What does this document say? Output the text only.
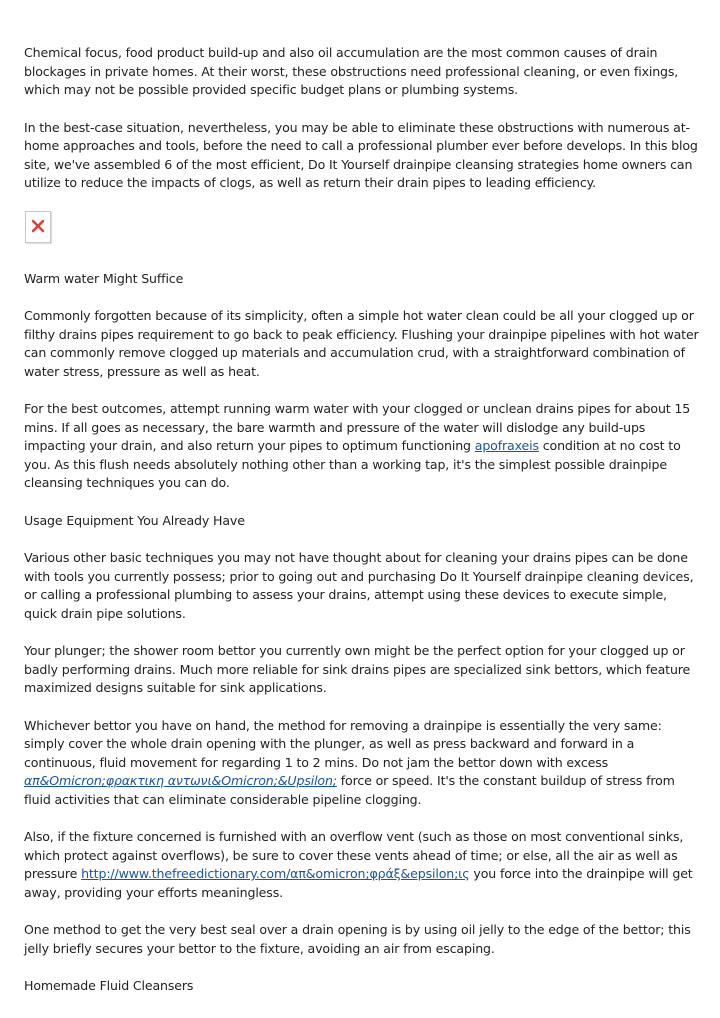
Chemical focus, food product build-up and also oil accumulation are the most common causes of drain blockages in private homes. At their worst, these obstructions need professional cleaning, or even fixings, which may not be possible provided specific budget plans or plumbing systems.

In the best-case situation, nevertheless, you may be able to eliminate these obstructions with numerous at-home approaches and tools, before the need to call a professional plumber ever before develops. In this blog site, we've assembled 6 of the most efficient, Do It Yourself drainpipe cleansing strategies home owners can utilize to reduce the impacts of clogs, as well as return their drain pipes to leading efficiency.

Warm water Might Suffice

Commonly forgotten because of its simplicity, often a simple hot water clean could be all your clogged up or filthy drains pipes requirement to go back to peak efficiency. Flushing your drainpipe pipelines with hot water can commonly remove clogged up materials and accumulation crud, with a straightforward combination of water stress, pressure as well as heat.

For the best outcomes, attempt running warm water with your clogged or unclean drains pipes for about 15 mins. If all goes as necessary, the bare warmth and pressure of the water will dislodge any build-ups impacting your drain, and also return your pipes to optimum functioning apofraxeis condition at no cost to you. As this flush needs absolutely nothing other than a working tap, it's the simplest possible drainpipe cleansing techniques you can do.

Usage Equipment You Already Have

Various other basic techniques you may not have thought about for cleaning your drains pipes can be done with tools you currently possess; prior to going out and purchasing Do It Yourself drainpipe cleaning devices, or calling a professional plumbing to assess your drains, attempt using these devices to execute simple, quick drain pipe solutions.

Your plunger; the shower room bettor you currently own might be the perfect option for your clogged up or badly performing drains. Much more reliable for sink drains pipes are specialized sink bettors, which feature maximized designs suitable for sink applications.

Whichever bettor you have on hand, the method for removing a drainpipe is essentially the very same: simply cover the whole drain opening with the plunger, as well as press backward and forward in a continuous, fluid movement for regarding 1 to 2 mins. Do not jam the bettor down with excess απ&Omicron;φρακτικη αντωνι&Omicron;&Upsilon; force or speed. It's the constant buildup of stress from fluid activities that can eliminate considerable pipeline clogging.

Also, if the fixture concerned is furnished with an overflow vent (such as those on most conventional sinks, which protect against overflows), be sure to cover these vents ahead of time; or else, all the air as well as pressure http://www.thefreedictionary.com/απ&omicron;φράξ&epsilon;ις you force into the drainpipe will get away, providing your efforts meaningless.

One method to get the very best seal over a drain opening is by using oil jelly to the edge of the bettor; this jelly briefly secures your bettor to the fixture, avoiding an air from escaping.

Homemade Fluid Cleansers
